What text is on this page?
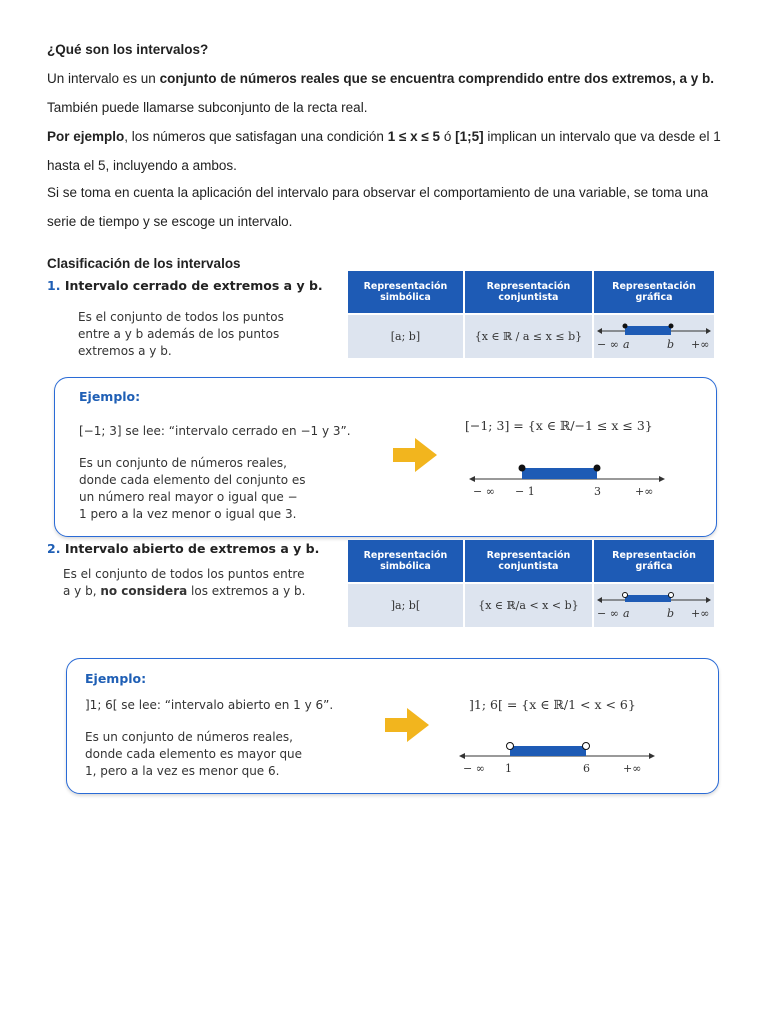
¿Qué son los intervalos?
Un intervalo es un conjunto de números reales que se encuentra comprendido entre dos extremos, a y b. También puede llamarse subconjunto de la recta real.
Por ejemplo, los números que satisfagan una condición 1 ≤ x ≤ 5 ó [1;5] implican un intervalo que va desde el 1 hasta el 5, incluyendo a ambos.
Si se toma en cuenta la aplicación del intervalo para observar el comportamiento de una variable, se toma una serie de tiempo y se escoge un intervalo.
Clasificación de los intervalos
1. Intervalo cerrado de extremos a y b.
Es el conjunto de todos los puntos entre a y b además de los puntos extremos a y b.
Representación simbólica	Representación conjuntista	Representación gráfica
[a; b]	{x ∈ ℝ / a ≤ x ≤ b}	− ∞ a b +∞
Ejemplo:
[−1; 3] se lee: “intervalo cerrado en −1 y 3”.
Es un conjunto de números reales, donde cada elemento del conjunto es un número real mayor o igual que − 1 pero a la vez menor o igual que 3.
[−1; 3] = {x ∈ ℝ/−1 ≤ x ≤ 3}
− ∞ − 1	3	+∞
2. Intervalo abierto de extremos a y b.
Es el conjunto de todos los puntos entre a y b, no considera los extremos a y b.
Representación simbólica	Representación conjuntista	Representación gráfica
]a; b[	{x ∈ ℝ/a < x < b}	− ∞ a b +∞
Ejemplo:
]1; 6[ se lee: “intervalo abierto en 1 y 6”.
Es un conjunto de números reales, donde cada elemento es mayor que 1, pero a la vez es menor que 6.
]1; 6[ = {x ∈ ℝ/1 < x < 6}
− ∞ 1	6	+∞
